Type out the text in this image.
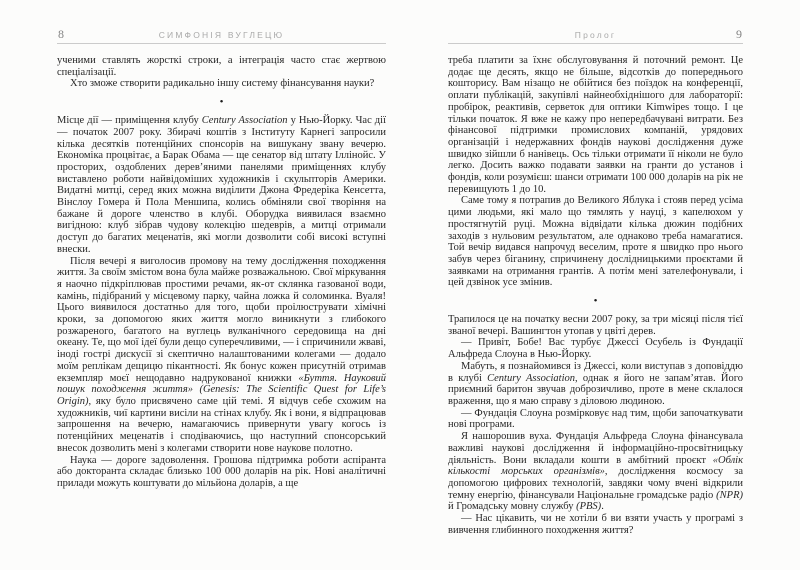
8	СИМФОНІЯ ВУГЛЕЦЮ

ученими ставлять жорсткі строки, а інтеграція часто стає жертвою спеціалізації.

Хто зможе створити радикально іншу систему фінансування науки?

•

Місце дії — приміщення клубу Century Association у Нью-Йорку. Час дії — початок 2007 року. Збирачі коштів з Інституту Карнегі запросили кілька десятків потенційних спонсорів на вишукану звану вечерю. Економіка процвітає, а Барак Обама — ще сенатор від штату Іллінойс. У просторих, оздоблених дерев’яними панелями приміщеннях клубу виставлено роботи найвідоміших художників і скульпторів Америки. Видатні митці, серед яких можна виділити Джона Фредеріка Кенсетта, Вінслоу Гомера й Пола Меншипа, колись обміняли свої творіння на бажане й дороге членство в клубі. Оборудка виявилася взаємно вигідною: клуб зібрав чудову колекцію шедеврів, а митці отримали доступ до багатих меценатів, які могли дозволити собі високі вступні внески.

Після вечері я виголосив промову на тему дослідження походження життя. За своїм змістом вона була майже розважальною. Свої міркування я наочно підкріплював простими речами, як-от склянка газованої води, камінь, підібраний у місцевому парку, чайна ложка й соломинка. Вуаля! Цього виявилося достатньо для того, щоби проілюструвати хімічні кроки, за допомогою яких життя могло виникнути з глибокого розжареного, багатого на вуглець вулканічного середовища на дні океану. Те, що мої ідеї були дещо суперечливими, — і спричинили жваві, іноді гострі дискусії зі скептично налаштованими колегами — додало моїм реплікам дещицю пікантності. Як бонус кожен присутній отримав екземпляр моєї нещодавно надрукованої книжки «Буття. Науковий пошук походження життя» (Genesis: The Scientific Quest for Life’s Origin), яку було присвячено саме цій темі. Я відчув себе схожим на художників, чиї картини висіли на стінах клубу. Як і вони, я відпрацював запрошення на вечерю, намагаючись привернути увагу когось із потенційних меценатів і сподіваючись, що наступний спонсорський внесок дозволить мені з колегами створити нове наукове полотно.

Наука — дороге задоволення. Грошова підтримка роботи аспіранта або докторанта складає близько 100 000 доларів на рік. Нові аналітичні прилади можуть коштувати до мільйона доларів, а ще

Пролог	9

треба платити за їхнє обслуговування й поточний ремонт. Це додає ще десять, якщо не більше, відсотків до попереднього кошторису. Вам нізащо не обійтися без поїздок на конференції, оплати публікацій, закупівлі найнеобхіднішого для лабораторії: пробірок, реактивів, серветок для оптики Kimwipes тощо. І це тільки початок. Я вже не кажу про непередбачувані витрати. Без фінансової підтримки промислових компаній, урядових організацій і недержавних фондів наукові дослідження дуже швидко зійшли б нанівець. Ось тільки отримати її ніколи не було легко. Досить важко подавати заявки на гранти до установ і фондів, коли розумієш: шанси отримати 100 000 доларів на рік не перевищують 1 до 10.

Саме тому я потрапив до Великого Яблука і стояв перед усіма цими людьми, які мало що тямлять у науці, з капелюхом у простягнутій руці. Можна відвідати кілька дюжин подібних заходів з нульовим результатом, але однаково треба намагатися. Той вечір видався напрочуд веселим, проте я швидко про нього забув через біганину, спричинену дослідницькими проєктами й заявками на отримання грантів. А потім мені зателефонували, і цей дзвінок усе змінив.

•

Трапилося це на початку весни 2007 року, за три місяці після тієї званої вечері. Вашингтон утопав у цвіті дерев.

— Привіт, Бобе! Вас турбує Джессі Осубель із Фундації Альфреда Слоуна в Нью-Йорку.

Мабуть, я познайомився із Джессі, коли виступав з доповіддю в клубі Century Association, однак я його не запам’ятав. Його приємний баритон звучав доброзичливо, проте в мене склалося враження, що я маю справу з діловою людиною.

— Фундація Слоуна розмірковує над тим, щоби започаткувати нові програми.

Я нашорошив вуха. Фундація Альфреда Слоуна фінансувала важливі наукові дослідження й інформаційно-просвітницьку діяльність. Вони вкладали кошти в амбітний проєкт «Облік кількості морських організмів», дослідження космосу за допомогою цифрових технологій, завдяки чому вчені відкрили темну енергію, фінансували Національне громадське радіо (NPR) й Громадську мовну службу (PBS).

— Нас цікавить, чи не хотіли б ви взяти участь у програмі з вивчення глибинного походження життя?
